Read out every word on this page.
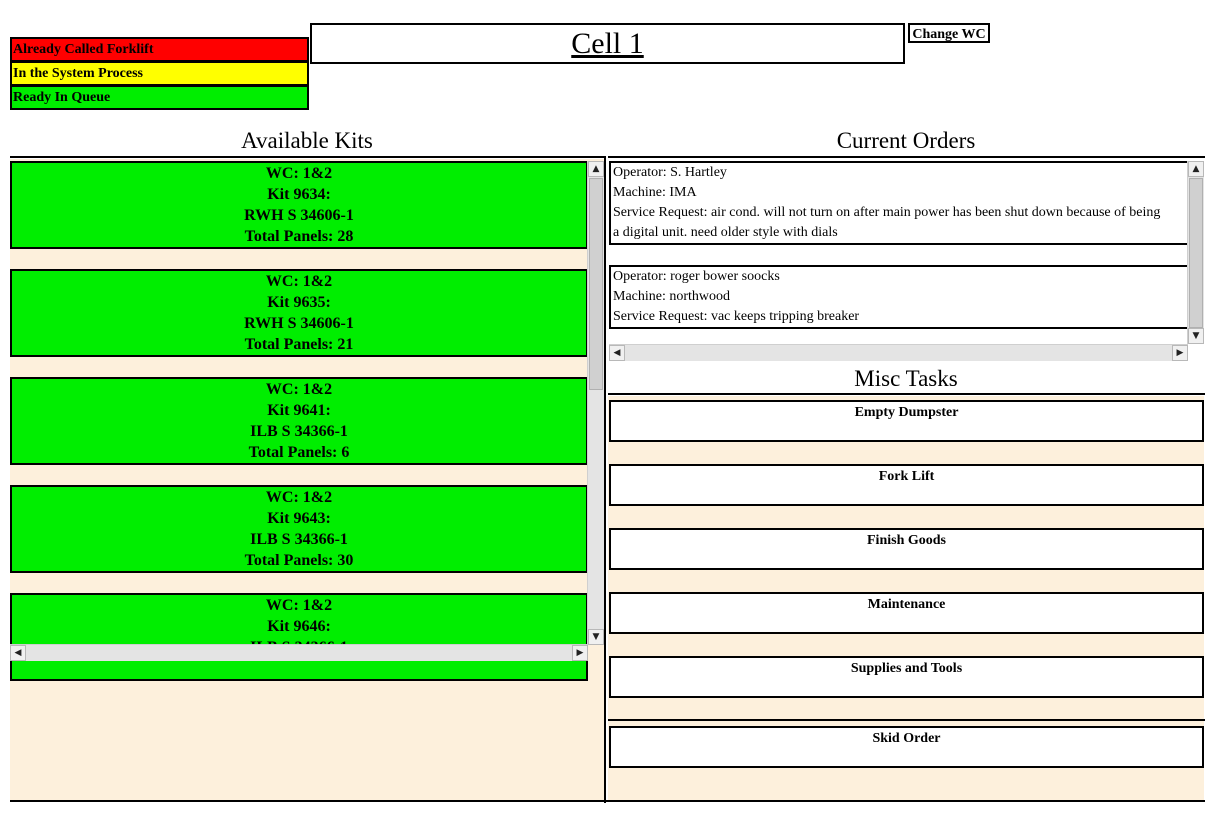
Already Called Forklift
In the System Process
Ready In Queue
Cell 1	Change WC
Available Kits	Current Orders
WC: 1&2
Kit 9634:
RWH S 34606-1
Total Panels: 28
WC: 1&2
Kit 9635:
RWH S 34606-1
Total Panels: 21
WC: 1&2
Kit 9641:
ILB S 34366-1
Total Panels: 6
WC: 1&2
Kit 9643:
ILB S 34366-1
Total Panels: 30
WC: 1&2
Kit 9646:
▲
▼
◀	▶
Operator: S. Hartley
Machine: IMA
Service Request: air cond. will not turn on after main power has been shut down because of being a digital unit. need older style with dials
Operator: roger bower soocks
Machine: northwood
Service Request: vac keeps tripping breaker
▲
▼
◀	▶
Misc Tasks
Empty Dumpster
Fork Lift
Finish Goods
Maintenance
Supplies and Tools
Skid Order
